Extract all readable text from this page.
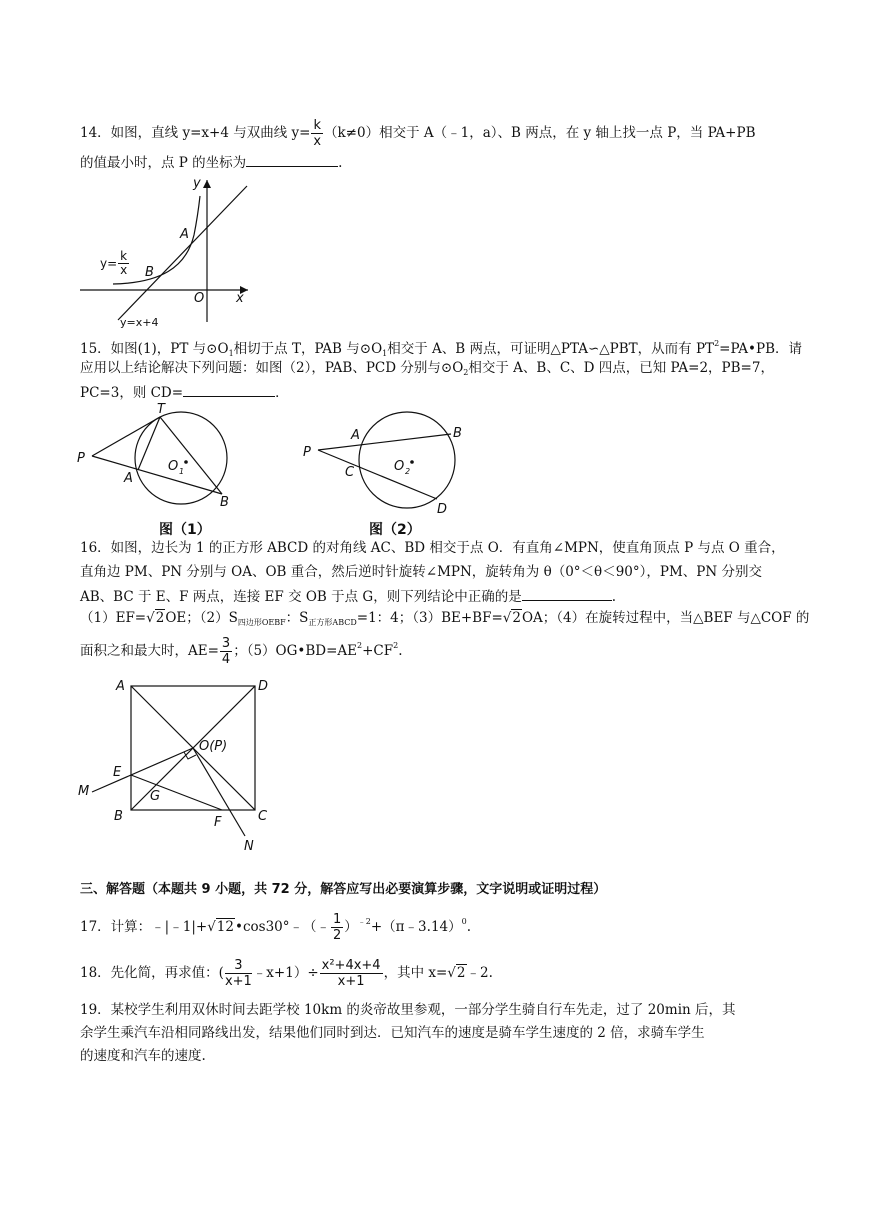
14．如图，直线 y=x+4 与双曲线 $y= \frac{k}{x} (k\ne 0)$相交于 A（﹣1，a）、B 两点，在 y 轴上找一点 P，当 PA+PB
的值最小时，点 P 的坐标为	.
y
x
O
A
B
y=x+4
$y= \frac{k}{x}$
15．如图(1)，PT 与$⊙O_1$相切于点 T，PAB 与$⊙O_1$相交于 A、B 两点，可证明△PTA∽△PBT，从而有 $PT^2=PA•PB$．请
应用以上结论解决下列问题：如图（2），PAB、PCD 分别与$⊙O_2$相交于 A、B、C、D 四点，已知 PA=2，PB=7，
PC=3，则 CD=	．
T
P
A
B
O 1
P
A	B
C
D
O 2
图（1）	图（2）
16．如图，边长为 1 的正方形 ABCD 的对角线 AC、BD 相交于点 O．有直角∠MPN，使直角顶点 P 与点 O 重合，
直角边 PM、PN 分别与 OA、OB 重合，然后逆时针旋转∠MPN，旋转角为 θ（0°＜θ＜90°），PM、PN 分别交
AB、BC 于 E、F 两点，连接 EF 交 OB 于点 G，则下列结论中正确的是	.
（1）EF=√2OE；$(2)S_{四边形OEBF}$：$S_{正方形ABCD}=1$：4；（3）BE+BF=√2OA；（4）在旋转过程中，当△BEF 与△COF 的
面积之和最大时，$AE= \frac{3}{4}$ ；$(5)OG•BD=AE^2+CF^2$.
A	D
B	C
E
F
G
M
N
O(P)
三、解答题（本题共 9 小题，共 72 分，解答应写出必要演算步骤，文字说明或证明过程）
17．计算：﹣|﹣1|+√12•cos30°﹣（﹣ $\frac{1}{2}$ ）$^{﹣2}$+（π﹣3.14）$^0$.
18．先化简，再求值：( $\frac{3}{x+1}$ ﹣x+1）÷ $\frac{\text{x²+4x+4}}{x+1}$ ，其中 x=√2﹣2.
19．某校学生利用双休时间去距学校 10km 的炎帝故里参观，一部分学生骑自行车先走，过了 20min 后，其
余学生乘汽车沿相同路线出发，结果他们同时到达．已知汽车的速度是骑车学生速度的 2 倍，求骑车学生
的速度和汽车的速度.
